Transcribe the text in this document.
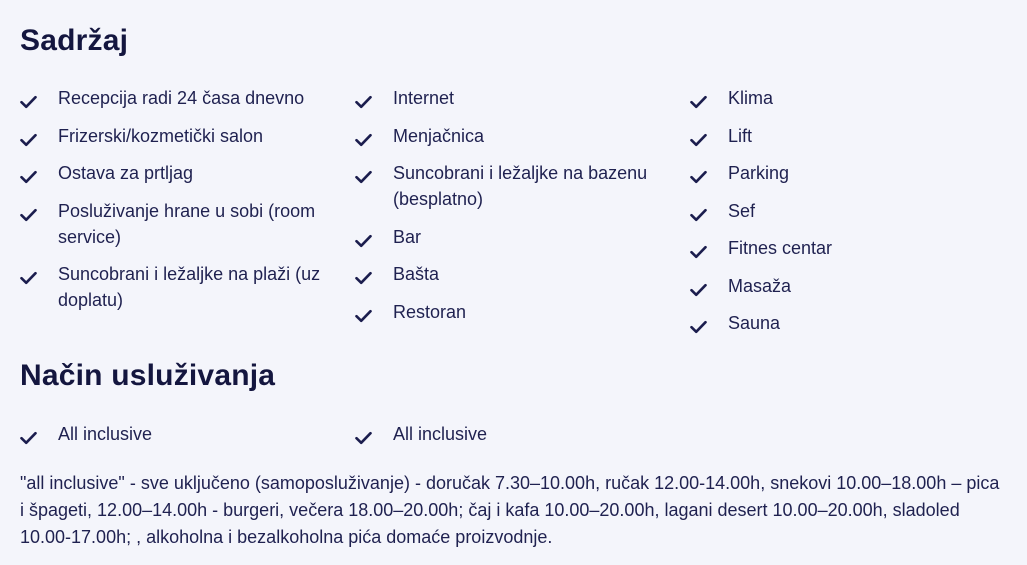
Sadržaj
Recepcija radi 24 časa dnevno
Frizerski/kozmetički salon
Ostava za prtljag
Posluživanje hrane u sobi (room service)
Suncobrani i ležaljke na plaži (uz doplatu)
Internet
Menjačnica
Suncobrani i ležaljke na bazenu (besplatno)
Bar
Bašta
Restoran
Klima
Lift
Parking
Sef
Fitnes centar
Masaža
Sauna
Način usluživanja
All inclusive	All inclusive

"all inclusive" - sve uključeno (samoposluživanje) - doručak 7.30–10.00h, ručak 12.00-14.00h, snekovi 10.00–18.00h – pica i špageti, 12.00–14.00h - burgeri, večera 18.00–20.00h; čaj i kafa 10.00–20.00h, lagani desert 10.00–20.00h, sladoled 10.00-17.00h; , alkoholna i bezalkoholna pića domaće proizvodnje.
